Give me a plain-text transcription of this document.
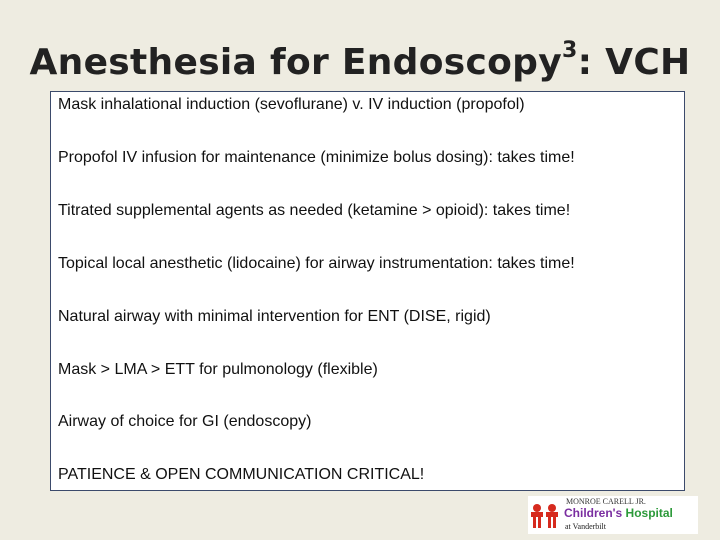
Anesthesia for Endoscopy$^3$: VCH
Mask inhalational induction (sevoflurane) v. IV induction (propofol)
Propofol IV infusion for maintenance (minimize bolus dosing): takes time!
Titrated supplemental agents as needed (ketamine > opioid): takes time!
Topical local anesthetic (lidocaine) for airway instrumentation: takes time!
Natural airway with minimal intervention for ENT (DISE, rigid)
Mask > LMA > ETT for pulmonology (flexible)
Airway of choice for GI (endoscopy)
PATIENCE & OPEN COMMUNICATION CRITICAL!
MONROE CARELL JR.
Children's Hospital
at Vanderbilt
